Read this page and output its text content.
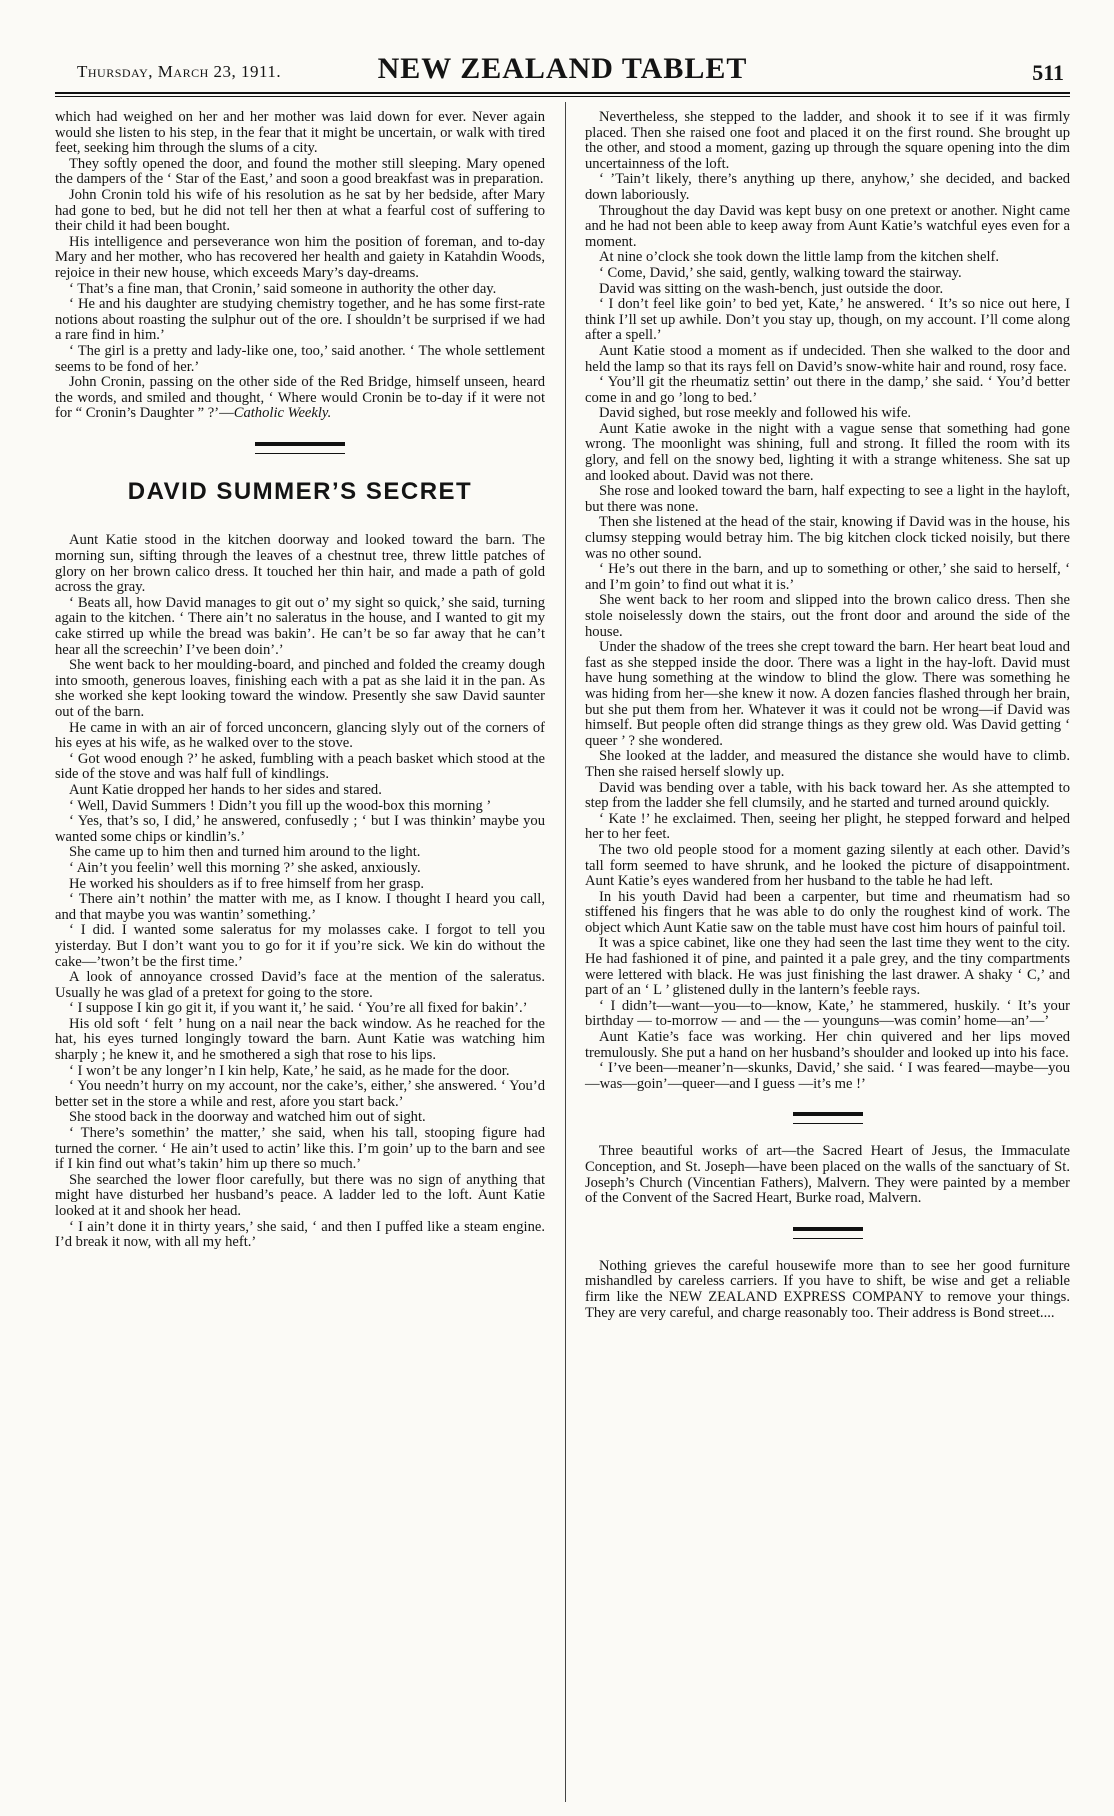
Thursday, March 23, 1911.	NEW ZEALAND TABLET	511

which had weighed on her and her mother was laid down for ever. Never again would she listen to his step, in the fear that it might be uncertain, or walk with tired feet, seeking him through the slums of a city.

They softly opened the door, and found the mother still sleeping. Mary opened the dampers of the ‘ Star of the East,’ and soon a good breakfast was in preparation.

John Cronin told his wife of his resolution as he sat by her bedside, after Mary had gone to bed, but he did not tell her then at what a fearful cost of suffering to their child it had been bought.

His intelligence and perseverance won him the position of foreman, and to-day Mary and her mother, who has recovered her health and gaiety in Katahdin Woods, rejoice in their new house, which exceeds Mary’s day-dreams.

‘ That’s a fine man, that Cronin,’ said someone in authority the other day.

‘ He and his daughter are studying chemistry together, and he has some first-rate notions about roasting the sulphur out of the ore. I shouldn’t be surprised if we had a rare find in him.’

‘ The girl is a pretty and lady-like one, too,’ said another. ‘ The whole settlement seems to be fond of her.’

John Cronin, passing on the other side of the Red Bridge, himself unseen, heard the words, and smiled and thought, ‘ Where would Cronin be to-day if it were not for “ Cronin’s Daughter ” ?’—Catholic Weekly.

DAVID SUMMER’S SECRET

Aunt Katie stood in the kitchen doorway and looked toward the barn. The morning sun, sifting through the leaves of a chestnut tree, threw little patches of glory on her brown calico dress. It touched her thin hair, and made a path of gold across the gray.

‘ Beats all, how David manages to git out o’ my sight so quick,’ she said, turning again to the kitchen. ‘ There ain’t no saleratus in the house, and I wanted to git my cake stirred up while the bread was bakin’. He can’t be so far away that he can’t hear all the screechin’ I’ve been doin’.’

She went back to her moulding-board, and pinched and folded the creamy dough into smooth, generous loaves, finishing each with a pat as she laid it in the pan. As she worked she kept looking toward the window. Presently she saw David saunter out of the barn.

He came in with an air of forced unconcern, glancing slyly out of the corners of his eyes at his wife, as he walked over to the stove.

‘ Got wood enough ?’ he asked, fumbling with a peach basket which stood at the side of the stove and was half full of kindlings.

Aunt Katie dropped her hands to her sides and stared.

‘ Well, David Summers ! Didn’t you fill up the wood-box this morning ’

‘ Yes, that’s so, I did,’ he answered, confusedly ; ‘ but I was thinkin’ maybe you wanted some chips or kindlin’s.’

She came up to him then and turned him around to the light.

‘ Ain’t you feelin’ well this morning ?’ she asked, anxiously.

He worked his shoulders as if to free himself from her grasp.

‘ There ain’t nothin’ the matter with me, as I know. I thought I heard you call, and that maybe you was wantin’ something.’

‘ I did. I wanted some saleratus for my molasses cake. I forgot to tell you yisterday. But I don’t want you to go for it if you’re sick. We kin do without the cake—’twon’t be the first time.’

A look of annoyance crossed David’s face at the mention of the saleratus. Usually he was glad of a pretext for going to the store.

‘ I suppose I kin go git it, if you want it,’ he said. ‘ You’re all fixed for bakin’.’

His old soft ‘ felt ’ hung on a nail near the back window. As he reached for the hat, his eyes turned longingly toward the barn. Aunt Katie was watching him sharply ; he knew it, and he smothered a sigh that rose to his lips.

‘ I won’t be any longer’n I kin help, Kate,’ he said, as he made for the door.

‘ You needn’t hurry on my account, nor the cake’s, either,’ she answered. ‘ You’d better set in the store a while and rest, afore you start back.’

She stood back in the doorway and watched him out of sight.

‘ There’s somethin’ the matter,’ she said, when his tall, stooping figure had turned the corner. ‘ He ain’t used to actin’ like this. I’m goin’ up to the barn and see if I kin find out what’s takin’ him up there so much.’

She searched the lower floor carefully, but there was no sign of anything that might have disturbed her husband’s peace. A ladder led to the loft. Aunt Katie looked at it and shook her head.

‘ I ain’t done it in thirty years,’ she said, ‘ and then I puffed like a steam engine. I’d break it now, with all my heft.’

Nevertheless, she stepped to the ladder, and shook it to see if it was firmly placed. Then she raised one foot and placed it on the first round. She brought up the other, and stood a moment, gazing up through the square opening into the dim uncertainness of the loft.

‘ ’Tain’t likely, there’s anything up there, anyhow,’ she decided, and backed down laboriously.

Throughout the day David was kept busy on one pretext or another. Night came and he had not been able to keep away from Aunt Katie’s watchful eyes even for a moment.

At nine o’clock she took down the little lamp from the kitchen shelf.

‘ Come, David,’ she said, gently, walking toward the stairway.

David was sitting on the wash-bench, just outside the door.

‘ I don’t feel like goin’ to bed yet, Kate,’ he answered. ‘ It’s so nice out here, I think I’ll set up awhile. Don’t you stay up, though, on my account. I’ll come along after a spell.’

Aunt Katie stood a moment as if undecided. Then she walked to the door and held the lamp so that its rays fell on David’s snow-white hair and round, rosy face.

‘ You’ll git the rheumatiz settin’ out there in the damp,’ she said. ‘ You’d better come in and go ’long to bed.’

David sighed, but rose meekly and followed his wife.

Aunt Katie awoke in the night with a vague sense that something had gone wrong. The moonlight was shining, full and strong. It filled the room with its glory, and fell on the snowy bed, lighting it with a strange whiteness. She sat up and looked about. David was not there.

She rose and looked toward the barn, half expecting to see a light in the hayloft, but there was none.

Then she listened at the head of the stair, knowing if David was in the house, his clumsy stepping would betray him. The big kitchen clock ticked noisily, but there was no other sound.

‘ He’s out there in the barn, and up to something or other,’ she said to herself, ‘ and I’m goin’ to find out what it is.’

She went back to her room and slipped into the brown calico dress. Then she stole noiselessly down the stairs, out the front door and around the side of the house.

Under the shadow of the trees she crept toward the barn. Her heart beat loud and fast as she stepped inside the door. There was a light in the hay-loft. David must have hung something at the window to blind the glow. There was something he was hiding from her—she knew it now. A dozen fancies flashed through her brain, but she put them from her. Whatever it was it could not be wrong—if David was himself. But people often did strange things as they grew old. Was David getting ‘ queer ’ ? she wondered.

She looked at the ladder, and measured the distance she would have to climb. Then she raised herself slowly up.

David was bending over a table, with his back toward her. As she attempted to step from the ladder she fell clumsily, and he started and turned around quickly.

‘ Kate !’ he exclaimed. Then, seeing her plight, he stepped forward and helped her to her feet.

The two old people stood for a moment gazing silently at each other. David’s tall form seemed to have shrunk, and he looked the picture of disappointment. Aunt Katie’s eyes wandered from her husband to the table he had left.

In his youth David had been a carpenter, but time and rheumatism had so stiffened his fingers that he was able to do only the roughest kind of work. The object which Aunt Katie saw on the table must have cost him hours of painful toil.

It was a spice cabinet, like one they had seen the last time they went to the city. He had fashioned it of pine, and painted it a pale grey, and the tiny compartments were lettered with black. He was just finishing the last drawer. A shaky ‘ C,’ and part of an ‘ L ’ glistened dully in the lantern’s feeble rays.

‘ I didn’t—want—you—to—know, Kate,’ he stammered, huskily. ‘ It’s your birthday — to-morrow — and — the — younguns—was comin’ home—an’—’

Aunt Katie’s face was working. Her chin quivered and her lips moved tremulously. She put a hand on her husband’s shoulder and looked up into his face.

‘ I’ve been—meaner’n—skunks, David,’ she said. ‘ I was feared—maybe—you—was—goin’—queer—and I guess —it’s me !’

Three beautiful works of art—the Sacred Heart of Jesus, the Immaculate Conception, and St. Joseph—have been placed on the walls of the sanctuary of St. Joseph’s Church (Vincentian Fathers), Malvern. They were painted by a member of the Convent of the Sacred Heart, Burke road, Malvern.

Nothing grieves the careful housewife more than to see her good furniture mishandled by careless carriers. If you have to shift, be wise and get a reliable firm like the NEW ZEALAND EXPRESS COMPANY to remove your things. They are very careful, and charge reasonably too. Their address is Bond street....
